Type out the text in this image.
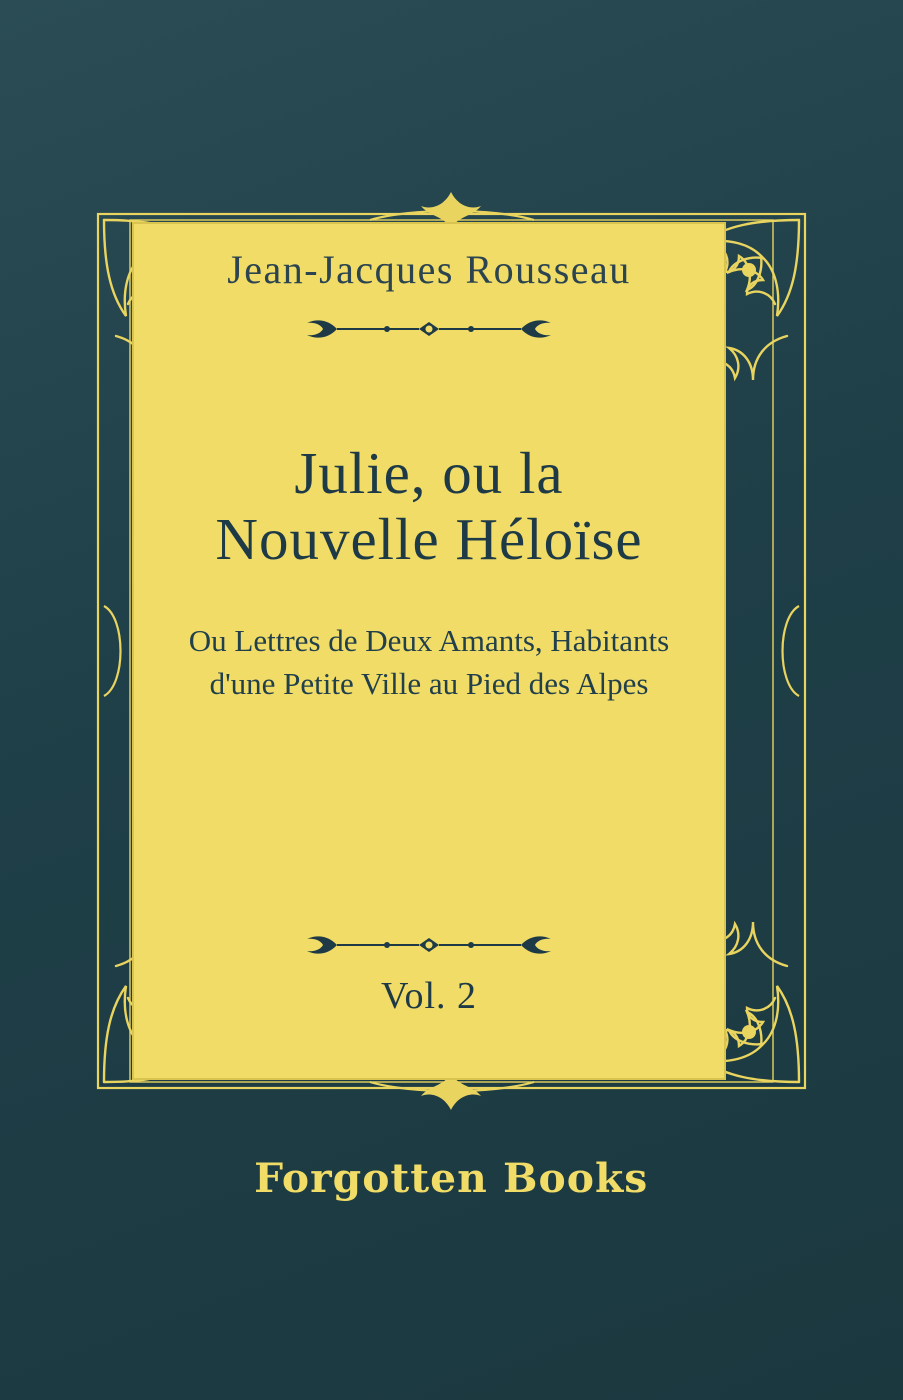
Jean-Jacques Rousseau
Julie, ou la
Nouvelle Héloïse
Ou Lettres de Deux Amants, Habitants
d'une Petite Ville au Pied des Alpes
Vol. 2
Forgotten Books
